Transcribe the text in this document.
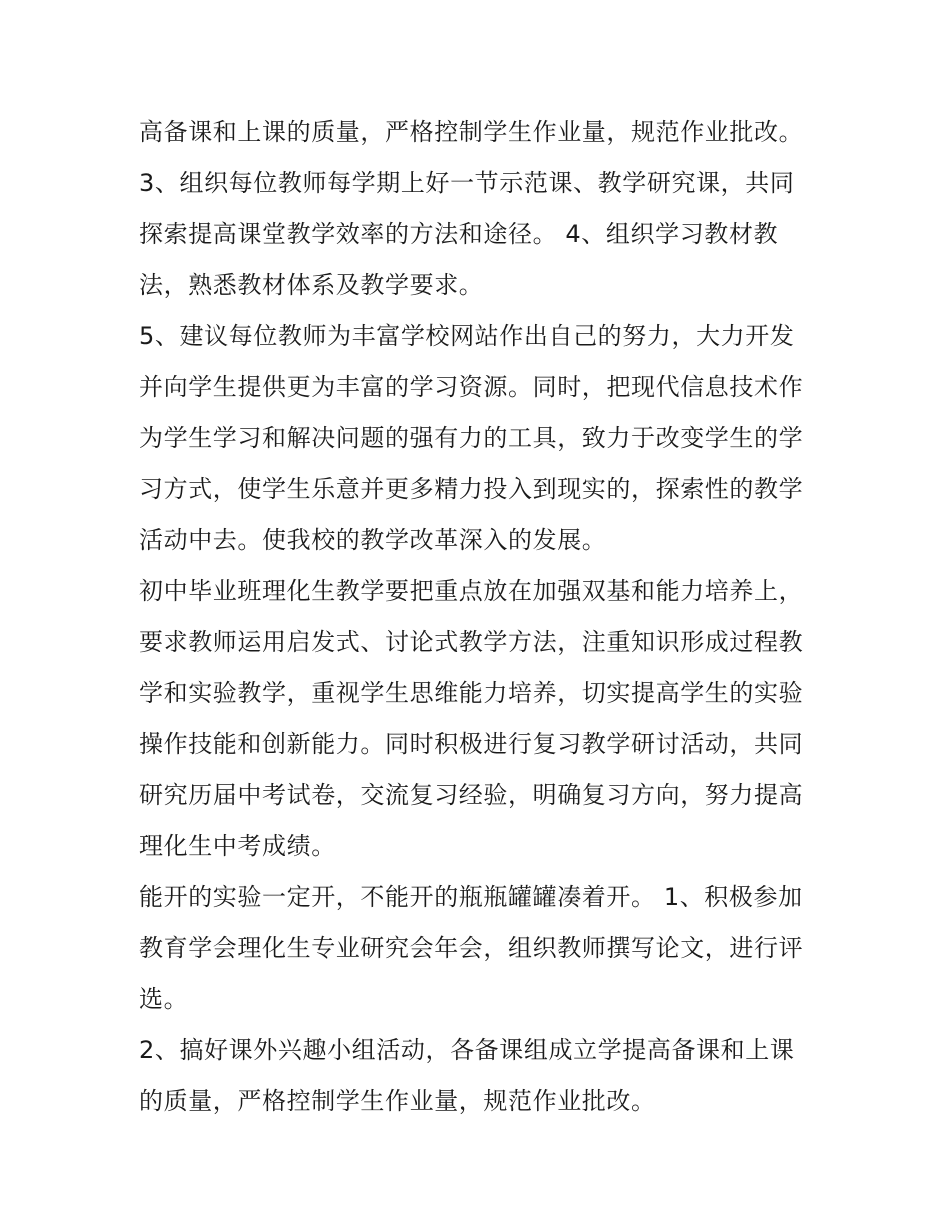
高备课和上课的质量，严格控制学生作业量，规范作业批改。
3、组织每位教师每学期上好一节示范课、教学研究课，共同
探索提高课堂教学效率的方法和途径。 4、组织学习教材教
法，熟悉教材体系及教学要求。
5、建议每位教师为丰富学校网站作出自己的努力，大力开发
并向学生提供更为丰富的学习资源。同时，把现代信息技术作
为学生学习和解决问题的强有力的工具，致力于改变学生的学
习方式，使学生乐意并更多精力投入到现实的，探索性的教学
活动中去。使我校的教学改革深入的发展。
初中毕业班理化生教学要把重点放在加强双基和能力培养上，
要求教师运用启发式、讨论式教学方法，注重知识形成过程教
学和实验教学，重视学生思维能力培养，切实提高学生的实验
操作技能和创新能力。同时积极进行复习教学研讨活动，共同
研究历届中考试卷，交流复习经验，明确复习方向，努力提高
理化生中考成绩。
能开的实验一定开，不能开的瓶瓶罐罐凑着开。 1、积极参加
教育学会理化生专业研究会年会，组织教师撰写论文，进行评
选。
2、搞好课外兴趣小组活动，各备课组成立学提高备课和上课
的质量，严格控制学生作业量，规范作业批改。
